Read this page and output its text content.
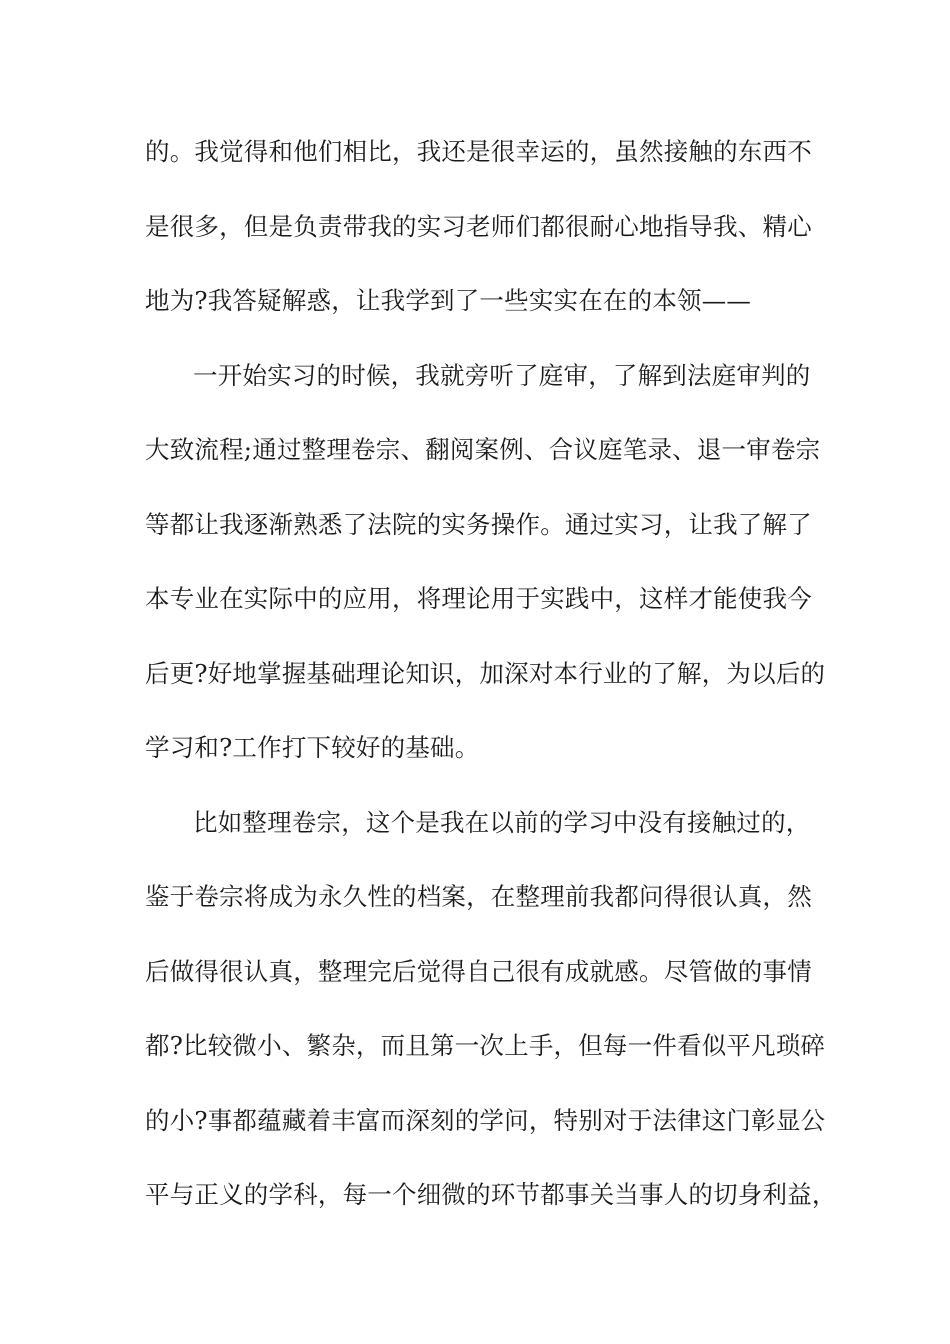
的。我觉得和他们相比，我还是很幸运的，虽然接触的东西不
是很多，但是负责带我的实习老师们都很耐心地指导我、精心
地为?我答疑解惑，让我学到了一些实实在在的本领——
一开始实习的时候，我就旁听了庭审，了解到法庭审判的
大致流程;通过整理卷宗、翻阅案例、合议庭笔录、退一审卷宗
等都让我逐渐熟悉了法院的实务操作。通过实习，让我了解了
本专业在实际中的应用，将理论用于实践中，这样才能使我今
后更?好地掌握基础理论知识，加深对本行业的了解，为以后的
学习和?工作打下较好的基础。
比如整理卷宗，这个是我在以前的学习中没有接触过的，
鉴于卷宗将成为永久性的档案，在整理前我都问得很认真，然
后做得很认真，整理完后觉得自己很有成就感。尽管做的事情
都?比较微小、繁杂，而且第一次上手，但每一件看似平凡琐碎
的小?事都蕴藏着丰富而深刻的学问，特别对于法律这门彰显公
平与正义的学科，每一个细微的环节都事关当事人的切身利益，
